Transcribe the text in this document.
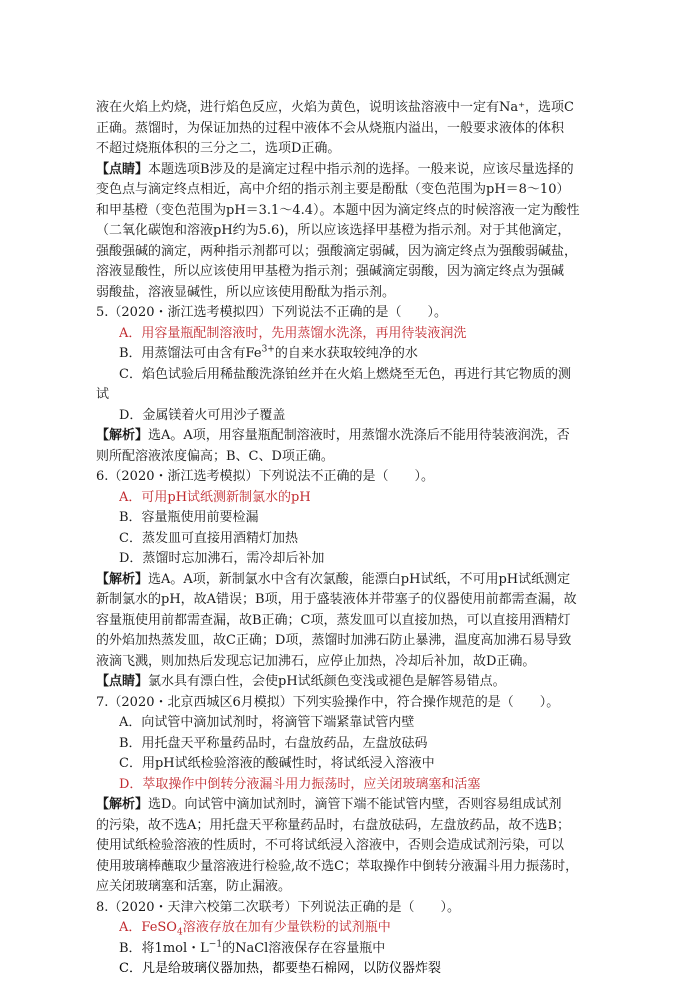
液在火焰上灼烧，进行焰色反应，火焰为黄色，说明该盐溶液中一定有Na⁺，选项C
正确。蒸馏时，为保证加热的过程中液体不会从烧瓶内溢出，一般要求液体的体积
不超过烧瓶体积的三分之二，选项D正确。
【点睛】本题选项B涉及的是滴定过程中指示剂的选择。一般来说，应该尽量选择的
变色点与滴定终点相近，高中介绍的指示剂主要是酚酞（变色范围为pH＝8～10）
和甲基橙（变色范围为pH＝3.1～4.4）。本题中因为滴定终点的时候溶液一定为酸性
（二氧化碳饱和溶液pH约为5.6)，所以应该选择甲基橙为指示剂。对于其他滴定，
强酸强碱的滴定，两种指示剂都可以；强酸滴定弱碱，因为滴定终点为强酸弱碱盐，
溶液显酸性，所以应该使用甲基橙为指示剂；强碱滴定弱酸，因为滴定终点为强碱
弱酸盐，溶液显碱性，所以应该使用酚酞为指示剂。
5.（2020・浙江选考模拟四）下列说法不正确的是（　　）。
A．用容量瓶配制溶液时，先用蒸馏水洗涤，再用待装液润洗
B．用蒸馏法可由含有$Fe^{3+}$的自来水获取较纯净的水
C．焰色试验后用稀盐酸洗涤铂丝并在火焰上燃烧至无色，再进行其它物质的测
试
D．金属镁着火可用沙子覆盖
【解析】选A。A项，用容量瓶配制溶液时，用蒸馏水洗涤后不能用待装液润洗，否
则所配溶液浓度偏高；B、C、D项正确。
6.（2020・浙江选考模拟）下列说法不正确的是（　　）。
A．可用pH试纸测新制氯水的pH
B．容量瓶使用前要检漏
C．蒸发皿可直接用酒精灯加热
D．蒸馏时忘加沸石，需冷却后补加
【解析】选A。A项，新制氯水中含有次氯酸，能漂白pH试纸，不可用pH试纸测定
新制氯水的pH，故A错误；B项，用于盛装液体并带塞子的仪器使用前都需查漏，故
容量瓶使用前都需查漏，故B正确；C项，蒸发皿可以直接加热，可以直接用酒精灯
的外焰加热蒸发皿，故C正确；D项，蒸馏时加沸石防止暴沸，温度高加沸石易导致
液滴飞溅，则加热后发现忘记加沸石，应停止加热，冷却后补加，故D正确。
【点睛】氯水具有漂白性，会使pH试纸颜色变浅或褪色是解答易错点。
7.（2020・北京西城区6月模拟）下列实验操作中，符合操作规范的是（　　）。
A．向试管中滴加试剂时，将滴管下端紧靠试管内壁
B．用托盘天平称量药品时，右盘放药品，左盘放砝码
C．用pH试纸检验溶液的酸碱性时，将试纸浸入溶液中
D．萃取操作中倒转分液漏斗用力振荡时，应关闭玻璃塞和活塞
【解析】选D。向试管中滴加试剂时，滴管下端不能试管内壁，否则容易组成试剂
的污染，故不选A；用托盘天平称量药品时，右盘放砝码，左盘放药品，故不选B；
使用试纸检验溶液的性质时，不可将试纸浸入溶液中，否则会造成试剂污染，可以
使用玻璃棒蘸取少量溶液进行检验,故不选C；萃取操作中倒转分液漏斗用力振荡时，
应关闭玻璃塞和活塞，防止漏液。
8.（2020・天津六校第二次联考）下列说法正确的是（　　）。
A．FeSO$_4$溶液存放在加有少量铁粉的试剂瓶中
B．将1mol・$L^{-1}$的NaCl溶液保存在容量瓶中
C．凡是给玻璃仪器加热，都要垫石棉网，以防仪器炸裂
